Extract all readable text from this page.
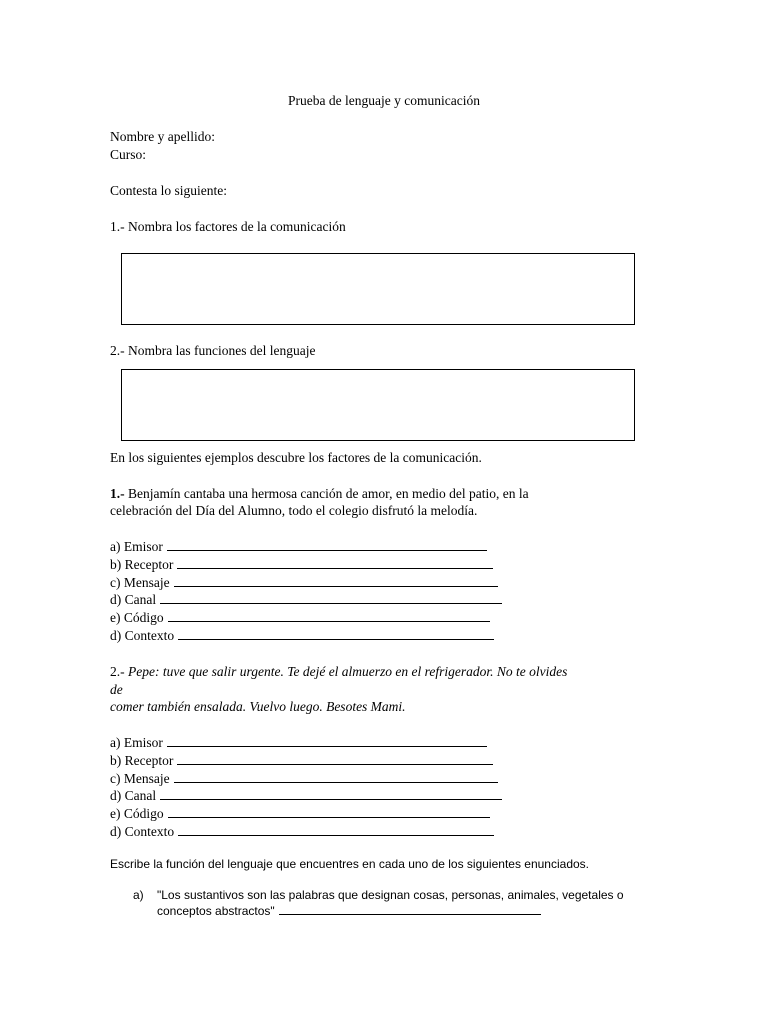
Prueba de lenguaje y comunicación
Nombre y apellido:
Curso:
Contesta lo siguiente:
1.- Nombra los factores de la comunicación
2.- Nombra las funciones del lenguaje
En los siguientes ejemplos descubre los factores de la comunicación.
1.- Benjamín cantaba una hermosa canción de amor, en medio del patio, en la
celebración del Día del Alumno, todo el colegio disfrutó la melodía.
a) Emisor
b) Receptor
c) Mensaje
d) Canal
e) Código
d) Contexto
2.- Pepe: tuve que salir urgente. Te dejé el almuerzo en el refrigerador. No te olvides
de
comer también ensalada. Vuelvo luego. Besotes Mami.
a) Emisor
b) Receptor
c) Mensaje
d) Canal
e) Código
d) Contexto
Escribe la función del lenguaje que encuentres en cada uno de los siguientes enunciados.
a) "Los sustantivos son las palabras que designan cosas, personas, animales, vegetales o
conceptos abstractos"
